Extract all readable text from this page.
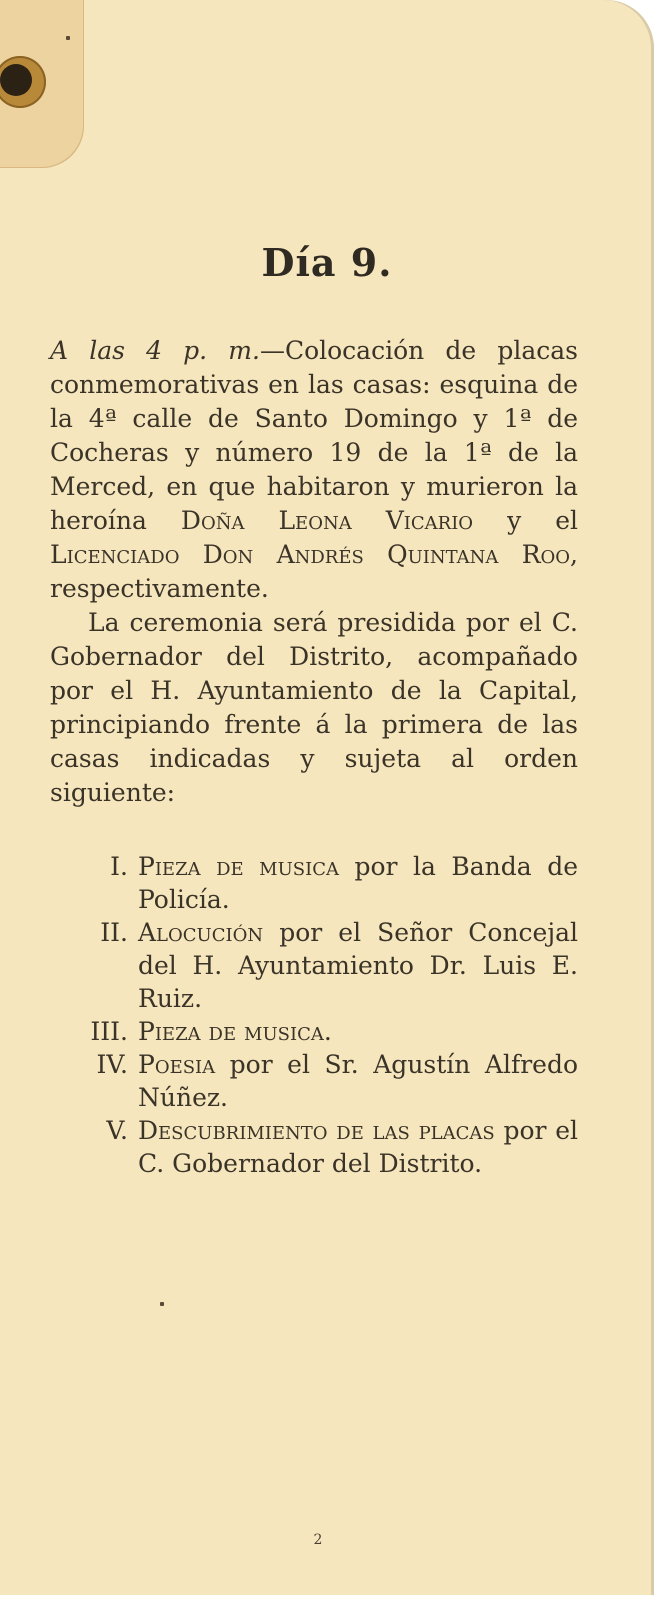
Día 9.

A las 4 p. m.—Colocación de placas conmemorativas en las casas: esquina de la 4ª calle de Santo Domingo y 1ª de Cocheras y número 19 de la 1ª de la Merced, en que habitaron y murieron la heroína Doña Leona Vicario y el Licenciado Don Andrés Quintana Roo, respectivamente.

La ceremonia será presidida por el C. Gobernador del Distrito, acompañado por el H. Ayuntamiento de la Capital, principiando frente á la primera de las casas indicadas y sujeta al orden siguiente:

I. Pieza de musica por la Banda de Policía.
II. Alocución por el Señor Concejal del H. Ayuntamiento Dr. Luis E. Ruiz.
III. Pieza de musica.
IV. Poesia por el Sr. Agustín Alfredo Núñez.
V. Descubrimiento de las placas por el C. Gobernador del Distrito.
2
